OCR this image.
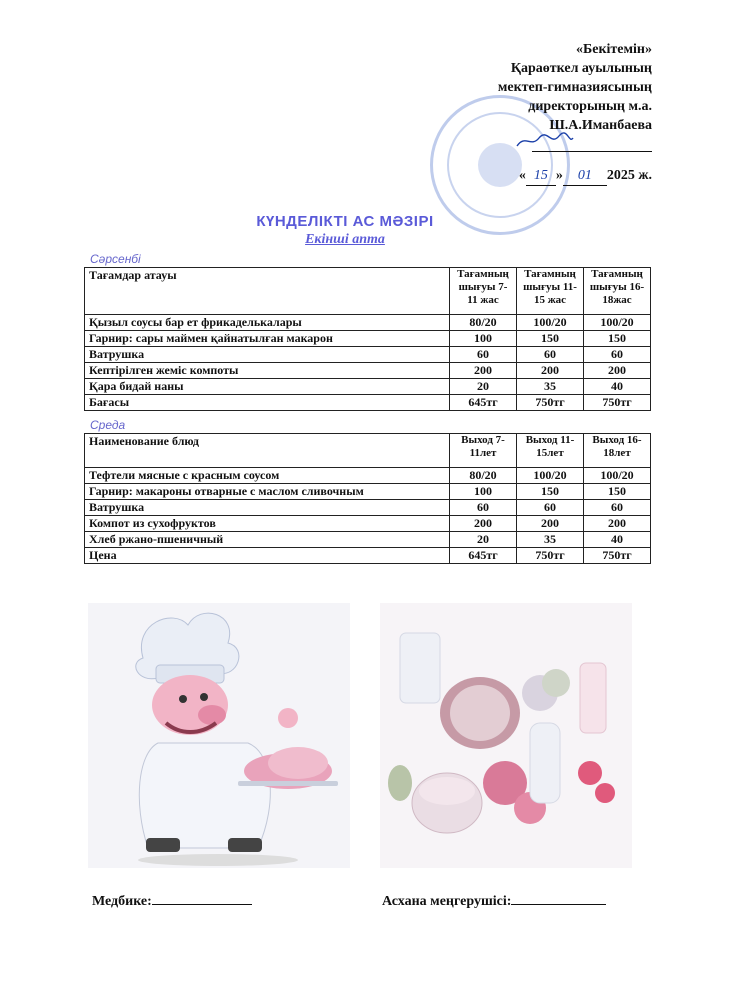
«Бекітемін»
Қараөткел ауылының
мектеп-гимназиясының
директорының м.а.
Ш.А.Иманбаева
« 15 » 01 2025 ж.
КҮНДЕЛІКТІ АС МӘЗІРІ
Екінші апта
Сәрсенбі
Тағамдар атауы	Тағамның шығуы 7-11 жас	Тағамның шығуы 11-15 жас	Тағамның шығуы 16-18жас
Қызыл соусы бар ет фрикаделькалары	80/20	100/20	100/20
Гарнир: сары маймен қайнатылған макарон	100	150	150
Ватрушка	60	60	60
Кептірілген жеміс компоты	200	200	200
Қара бидай наны	20	35	40
Бағасы	645тг	750тг	750тг
Среда
Наименование блюд	Выход 7-11лет	Выход 11-15лет	Выход 16-18лет
Тефтели мясные с красным соусом	80/20	100/20	100/20
Гарнир: макароны отварные с маслом сливочным	100	150	150
Ватрушка	60	60	60
Компот из сухофруктов	200	200	200
Хлеб ржано-пшеничный	20	35	40
Цена	645тг	750тг	750тг
Медбике:	Асхана меңгерушісі:
